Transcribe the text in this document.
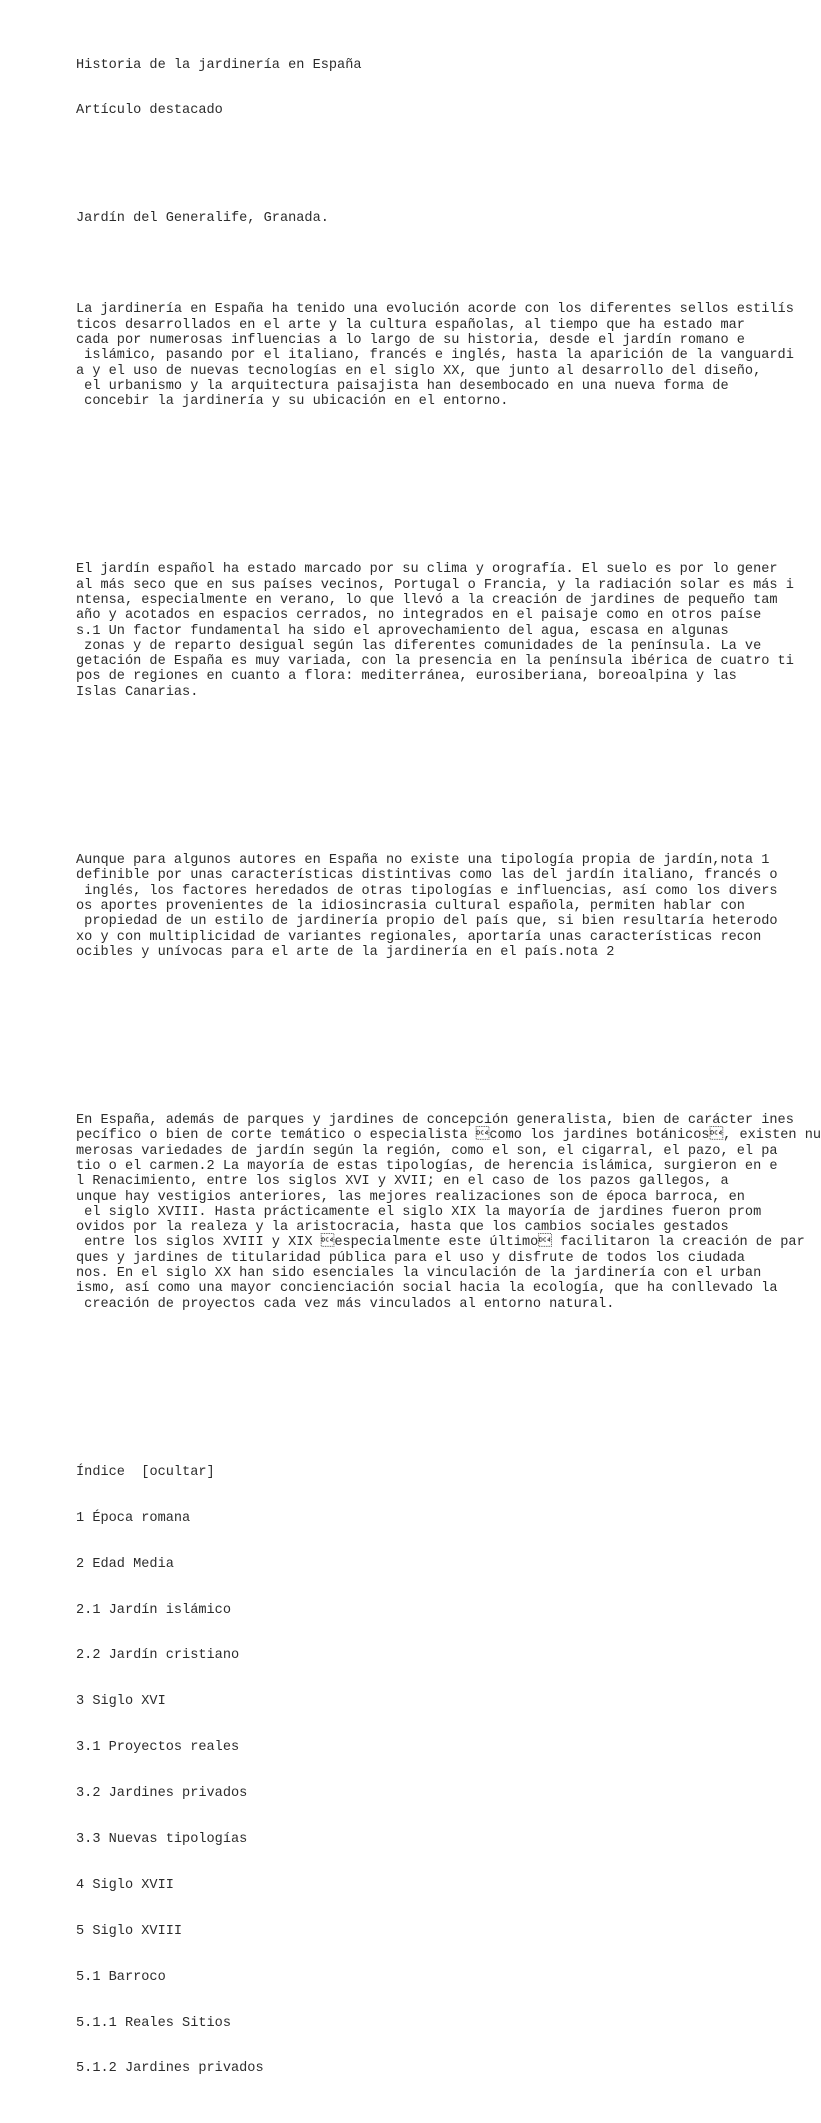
Historia de la jardinería en España

Artículo destacado

Jardín del Generalife, Granada.

La jardinería en España ha tenido una evolución acorde con los diferentes sellos estilís
ticos desarrollados en el arte y la cultura españolas, al tiempo que ha estado mar
cada por numerosas influencias a lo largo de su historia, desde el jardín romano e
islámico, pasando por el italiano, francés e inglés, hasta la aparición de la vanguardi
a y el uso de nuevas tecnologías en el siglo XX, que junto al desarrollo del diseño,
el urbanismo y la arquitectura paisajista han desembocado en una nueva forma de
concebir la jardinería y su ubicación en el entorno.

El jardín español ha estado marcado por su clima y orografía. El suelo es por lo gener
al más seco que en sus países vecinos, Portugal o Francia, y la radiación solar es más i
ntensa, especialmente en verano, lo que llevó a la creación de jardines de pequeño tam
año y acotados en espacios cerrados, no integrados en el paisaje como en otros paíse
s.1 Un factor fundamental ha sido el aprovechamiento del agua, escasa en algunas
zonas y de reparto desigual según las diferentes comunidades de la península. La ve
getación de España es muy variada, con la presencia en la península ibérica de cuatro ti
pos de regiones en cuanto a flora: mediterránea, eurosiberiana, boreoalpina y las
Islas Canarias.

Aunque para algunos autores en España no existe una tipología propia de jardín,nota 1
definible por unas características distintivas como las del jardín italiano, francés o
inglés, los factores heredados de otras tipologías e influencias, así como los divers
os aportes provenientes de la idiosincrasia cultural española, permiten hablar con
propiedad de un estilo de jardinería propio del país que, si bien resultaría heterodo
xo y con multiplicidad de variantes regionales, aportaría unas características recon
ocibles y unívocas para el arte de la jardinería en el país.nota 2

En España, además de parques y jardines de concepción generalista, bien de carácter ines
pecífico o bien de corte temático o especialista como los jardines botánicos, existen nu
merosas variedades de jardín según la región, como el son, el cigarral, el pazo, el pa
tio o el carmen.2 La mayoría de estas tipologías, de herencia islámica, surgieron en e
l Renacimiento, entre los siglos XVI y XVII; en el caso de los pazos gallegos, a
unque hay vestigios anteriores, las mejores realizaciones son de época barroca, en
el siglo XVIII. Hasta prácticamente el siglo XIX la mayoría de jardines fueron prom
ovidos por la realeza y la aristocracia, hasta que los cambios sociales gestados
entre los siglos XVIII y XIX especialmente este último facilitaron la creación de par
ques y jardines de titularidad pública para el uso y disfrute de todos los ciudada
nos. En el siglo XX han sido esenciales la vinculación de la jardinería con el urban
ismo, así como una mayor concienciación social hacia la ecología, que ha conllevado la
creación de proyectos cada vez más vinculados al entorno natural.

Índice [ocultar]

1 Época romana

2 Edad Media

2.1 Jardín islámico

2.2 Jardín cristiano

3 Siglo XVI

3.1 Proyectos reales

3.2 Jardines privados

3.3 Nuevas tipologías

4 Siglo XVII

5 Siglo XVIII

5.1 Barroco

5.1.1 Reales Sitios

5.1.2 Jardines privados
